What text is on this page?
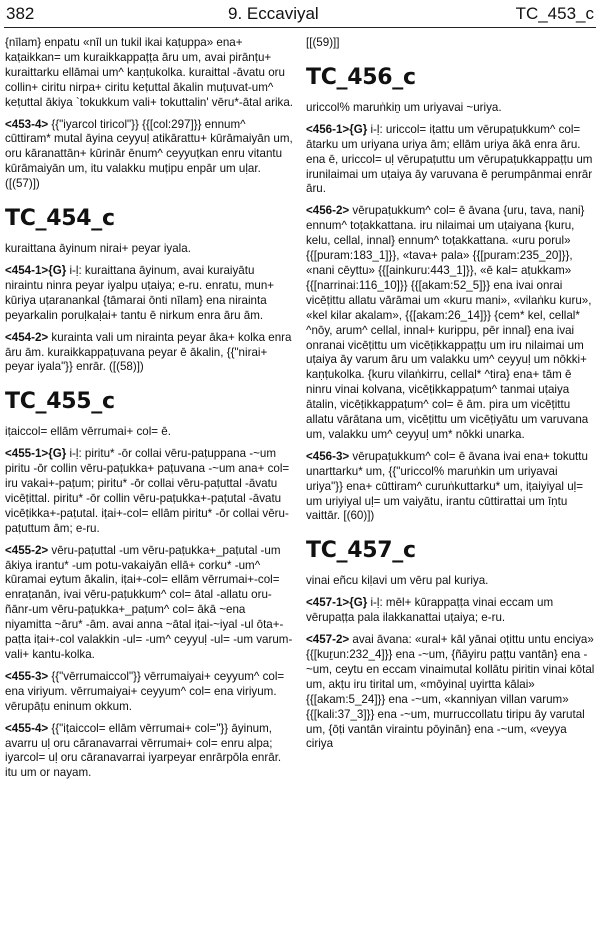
382	9. Eccaviyal	TC_453_c

{nīlam} enpatu «nīl un tukil ikai kaṭuppa» ena+ kaṭaikkan= um kuraikkappaṭṭa āru um, avai pirānṭu+ kuraittarku ellāmai um^ kaṇṭukolka. kuraittal -āvatu oru collin+ ciritu nirpa+ ciritu keṭuttal ākalin muṭuvat-um^ keṭuttal ākiya `tokukkum vali+ tokuttalin' vēru*-ātal arika.

<453-4> {{"iyarcol tiricol"}} {{[col:297]}} ennum^ cūttiram* mutal āyina ceyyuḷ atikārattu+ kūrāmaiyān um, oru kāranattān+ kūrinār ēnum^ ceyyuṭkan enru vitantu kūrāmaiyān um, itu valakku muṭipu enpār um uḷar. ([(57)])

TC_454_c

kuraittana āyinum nirai+ peyar iyala.

<454-1>{G} i-ḷ: kuraittana āyinum, avai kuraiyātu niraintu ninra peyar iyalpu uṭaiya; e-ru. enratu, mun+ kūriya uṭaranankal {tāmarai ōnti nīlam} ena nirainta peyarkalin poruḷkaḷai+ tantu ē nirkum enra āru ām.

<454-2> kurainta vali um nirainta peyar āka+ kolka enra āru ām. kuraikkappaṭuvana peyar ē ākalin, {{"nirai+ peyar iyala"}} enrār. ([(58)])

TC_455_c

iṭaiccol= ellām vērrumai+ col= ē.

<455-1>{G} i-ḷ: piritu* -ōr collai vēru-paṭuppana -~um piritu -ōr collin vēru-paṭukka+ paṭuvana -~um ana+ col= iru vakai+-paṭum; piritu* -ōr collai vēru-paṭuttal -āvatu vicēṭittal. piritu* -ōr collin vēru-paṭukka+-paṭutal -āvatu vicēṭikka+-paṭutal. iṭai+-col= ellām piritu* -ōr collai vēru-paṭuttum ām; e-ru.

<455-2> vēru-paṭuttal -um vēru-paṭukka+_paṭutal -um ākiya irantu* -um potu-vakaiyān ellā+ corku* -um^ kūramai eytum ākalin, iṭai+-col= ellām vērrumai+-col= enraṭanān, ivai vēru-paṭukkum^ col= ātal -allatu oru-ñānr-um vēru-paṭukka+_paṭum^ col= ākā ~ena niyamitta ~āru* -ām. avai anna ~ātal iṭai-~iyal -ul ōta+-paṭta iṭai+-col valakkin -ul= -um^ ceyyuḷ -ul= -um varum-vali+ kantu-kolka.

<455-3> {{"vērrumaiccol"}} vērrumaiyai+ ceyyum^ col= ena viriyum. vērrumaiyai+ ceyyum^ col= ena viriyum. vērupāṭu eninum okkum.

<455-4> {{"iṭaiccol= ellām vērrumai+ col="}} āyinum, avarru uḷ oru cāranavarrai vērrumai+ col= enru alpa; iyarcol= uḷ oru cāranavarrai iyarpeyar enrārpōla enrār. itu um or nayam.

[[(59)]]

TC_456_c

uriccol% maruṅkiṉ um uriyavai ~uriya.

<456-1>{G} i-ḷ: uriccol= iṭattu um vērupaṭukkum^ col= ātarku um uriyana uriya ām; ellām uriya ākā enra āru. ena ē, uriccol= uḷ vērupaṭuttu um vērupaṭukkappaṭṭu um irunilaimai um uṭaiya āy varuvana ē perumpānmai enrār āru.

<456-2> vērupaṭukkum^ col= ē āvana {uru, tava, nani} ennum^ toṭakkattana. iru nilaimai um uṭaiyana {kuru, kelu, cellal, innal} ennum^ toṭakkattana. «uru porul» {{[puram:183_1]}}, «tava+ pala» {{[puram:235_20]}}, «nani cēyttu» {{[ainkuru:443_1]}}, «ē kal= aṭukkam» {{[narrinai:116_10]}} {{[akam:52_5]}} ena ivai onrai vicēṭittu allatu vārāmai um «kuru mani», «vilaṅku kuru», «kel kilar akalam», {{[akam:26_14]}} {cem* kel, cellal* ^nōy, arum^ cellal, innal+ kurippu, pēr innal} ena ivai onranai vicēṭittu um vicēṭikkappaṭṭu um iru nilaimai um uṭaiya āy varum āru um valakku um^ ceyyuḷ um nōkki+ kaṇṭukolka. {kuru vilaṅkirru, cellal* ^tira} ena+ tām ē ninru vinai kolvana, vicēṭikkappaṭum^ tanmai uṭaiya ātalin, vicēṭikkappaṭum^ col= ē ām. pira um vicēṭittu allatu vārātana um, vicēṭittu um vicēṭiyātu um varuvana um, valakku um^ ceyyuḷ um* nōkki unarka.

<456-3> vērupaṭukkum^ col= ē āvana ivai ena+ tokuttu unarttarku* um, {{"uriccol% maruṅkin um uriyavai uriya"}} ena+ cūttiram^ curuṅkuttarku* um, iṭaiyiyal uḷ= um uriyiyal uḷ= um vaiyātu, irantu cūttirattai um īṇtu vaittār. [(60)])

TC_457_c

vinai eñcu kiḷavi um vēru pal kuriya.

<457-1>{G} i-ḷ: mēl+ kūrappaṭṭa vinai eccam um vērupaṭṭa pala ilakkanattai uṭaiya; e-ru.

<457-2> avai āvana: «ural+ kāl yānai oṭittu untu enciya» {{[kuṟun:232_4]}} ena -~um, {ñāyiru paṭṭu vantān} ena -~um, ceytu en eccam vinaimutal kollātu piritin vinai kōtal um, akṭu iru tirital um, «mōyinaḷ uyirtta kālai» {{[akam:5_24]}} ena -~um, «kanniyan villan varum» {{[kali:37_3]}} ena -~um, murruccollatu tiripu āy varutal um, {ōṭi vantān viraintu pōyinān} ena -~um, «veyya ciriya
